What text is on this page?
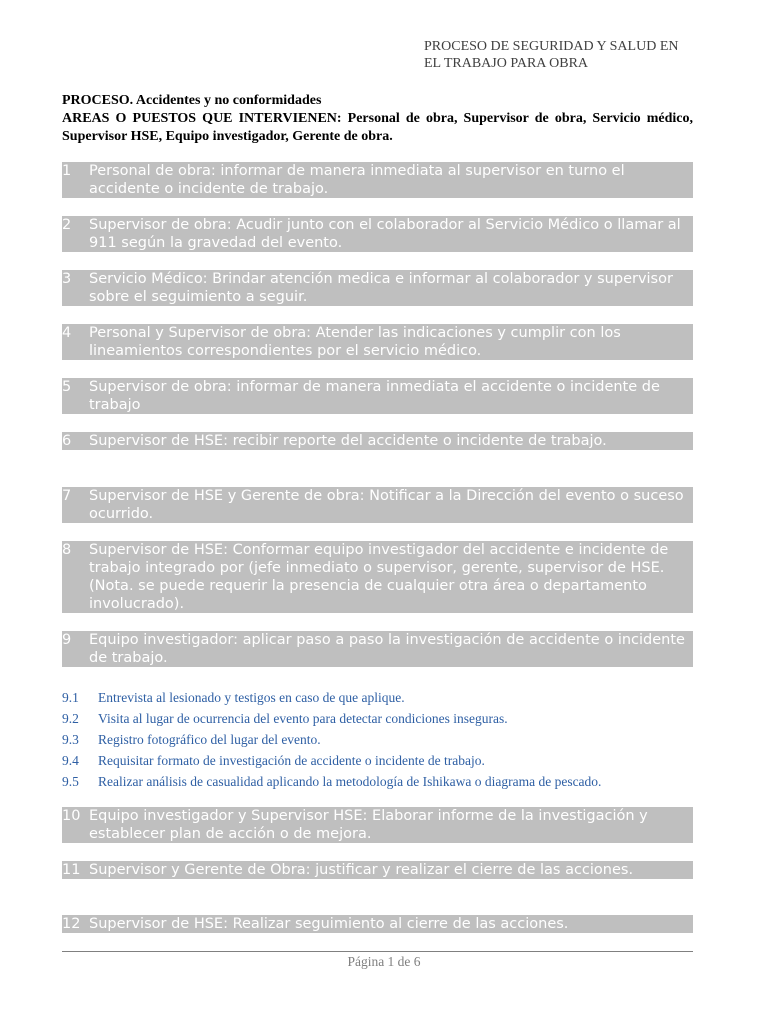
PROCESO DE SEGURIDAD Y SALUD EN
EL TRABAJO PARA OBRA
PROCESO. Accidentes y no conformidades
AREAS O PUESTOS QUE INTERVIENEN: Personal de obra, Supervisor de obra, Servicio médico, Supervisor HSE, Equipo investigador, Gerente de obra.
1	Personal de obra: informar de manera inmediata al supervisor en turno el accidente o incidente de trabajo.
2	Supervisor de obra: Acudir junto con el colaborador al Servicio Médico o llamar al 911 según la gravedad del evento.
3	Servicio Médico: Brindar atención medica e informar al colaborador y supervisor sobre el seguimiento a seguir.
4	Personal y Supervisor de obra: Atender las indicaciones y cumplir con los lineamientos correspondientes por el servicio médico.
5	Supervisor de obra: informar de manera inmediata el accidente o incidente de trabajo
6	Supervisor de HSE: recibir reporte del accidente o incidente de trabajo.
7	Supervisor de HSE y Gerente de obra: Notificar a la Dirección del evento o suceso ocurrido.
8	Supervisor de HSE: Conformar equipo investigador del accidente e incidente de trabajo integrado por (jefe inmediato o supervisor, gerente, supervisor de HSE. (Nota. se puede requerir la presencia de cualquier otra área o departamento involucrado).
9	Equipo investigador: aplicar paso a paso la investigación de accidente o incidente de trabajo.
9.1	Entrevista al lesionado y testigos en caso de que aplique.
9.2	Visita al lugar de ocurrencia del evento para detectar condiciones inseguras.
9.3	Registro fotográfico del lugar del evento.
9.4	Requisitar formato de investigación de accidente o incidente de trabajo.
9.5	Realizar análisis de casualidad aplicando la metodología de Ishikawa o diagrama de pescado.
10 Equipo investigador y Supervisor HSE: Elaborar informe de la investigación y establecer plan de acción o de mejora.
11 Supervisor y Gerente de Obra: justificar y realizar el cierre de las acciones.
12 Supervisor de HSE: Realizar seguimiento al cierre de las acciones.
Página 1 de 6
